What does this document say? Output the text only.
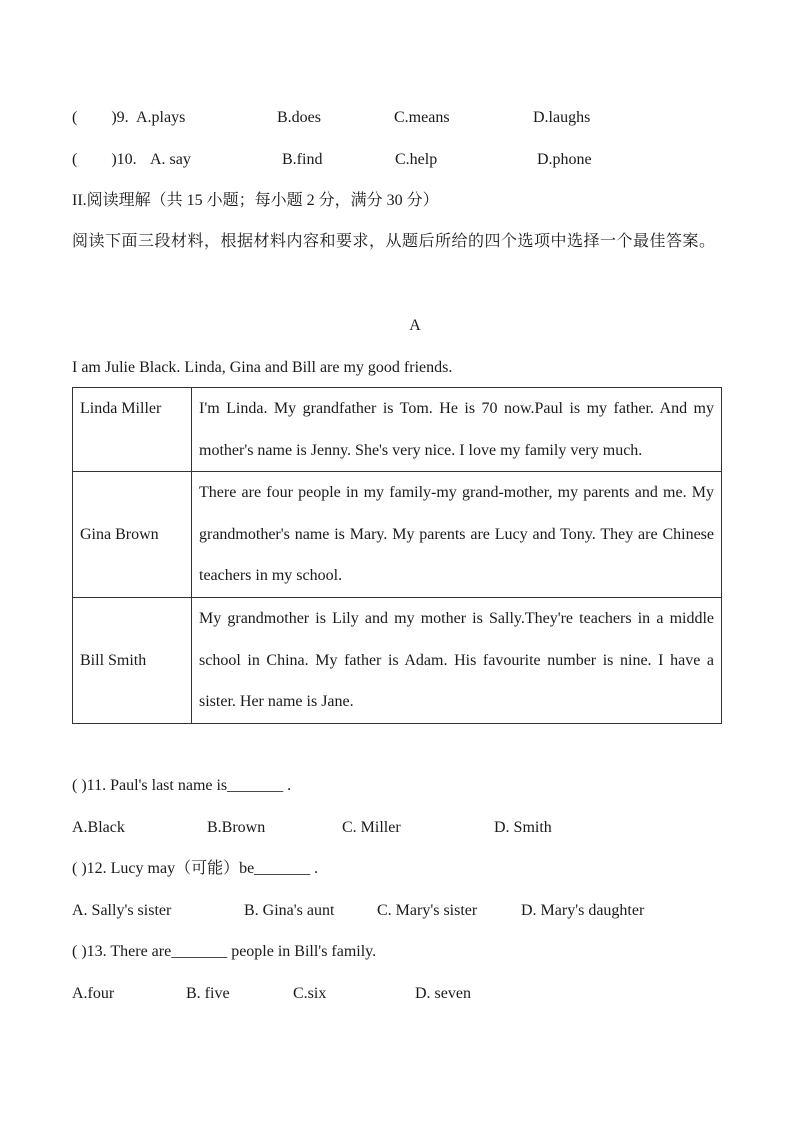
( )9. A.plays	B.does	C.means	D.laughs
( )10. A. say	B.find	C.help	D.phone
II.阅读理解（共 15 小题；每小题 2 分，满分 30 分）
阅读下面三段材料，根据材料内容和要求，从题后所给的四个选项中选择一个最佳答案。
A
I am Julie Black. Linda, Gina and Bill are my good friends.
Linda Miller	I'm Linda. My grandfather is Tom. He is 70 now.Paul is my father. And my mother's name is Jenny. She's very nice. I love my family very much.
Gina Brown	There are four people in my family-my grand-mother, my parents and me. My grandmother's name is Mary. My parents are Lucy and Tony. They are Chinese teachers in my school.
Bill Smith	My grandmother is Lily and my mother is Sally.They're teachers in a middle school in China. My father is Adam. His favourite number is nine. I have a sister. Her name is Jane.
( )11. Paul's last name is_______ .
A.Black	B.Brown	C. Miller	D. Smith
( )12. Lucy may（可能）be_______ .
A. Sally's sister	B. Gina's aunt	C. Mary's sister	D. Mary's daughter
( )13. There are_______ people in Bill's family.
A.four	B. five	C.six	D. seven
